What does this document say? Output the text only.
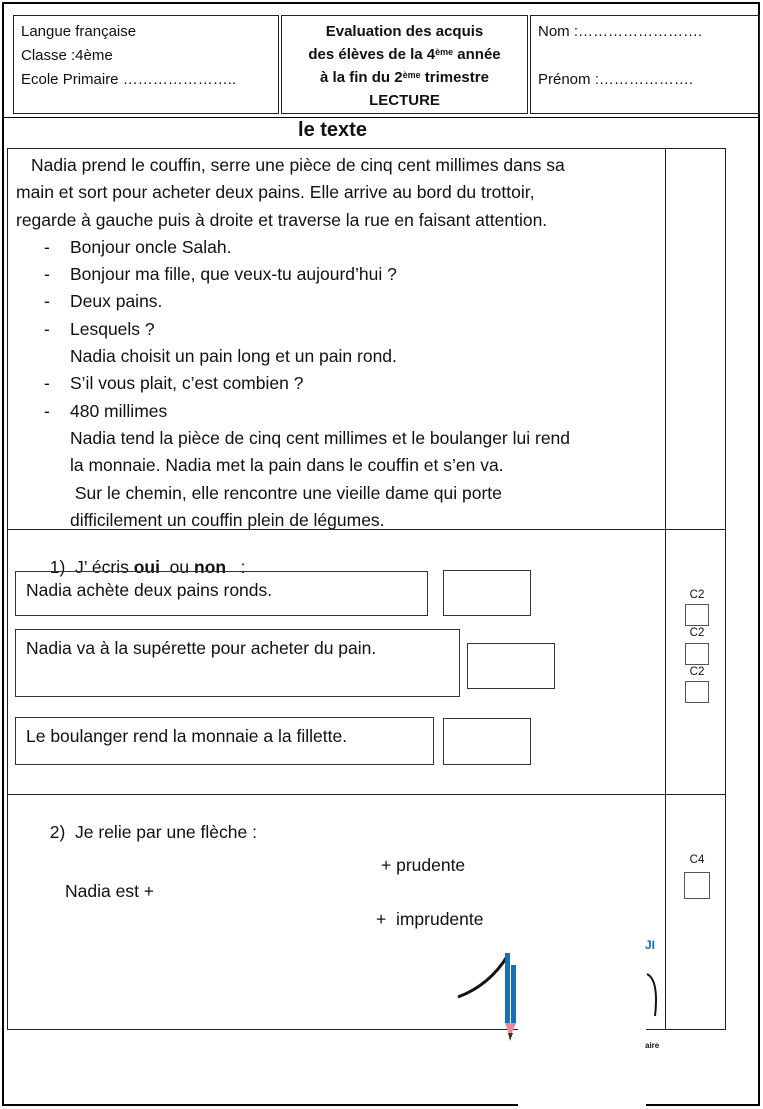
Langue française
Classe :4ème
Ecole Primaire …………………..
Evaluation des acquis
des élèves de la 4ème année
à la fin du 2ème trimestre
LECTURE
Nom :…………………….
Prénom :……………….
le texte
Nadia prend le couffin, serre une pièce de cinq cent millimes dans sa
main et sort pour acheter deux pains. Elle arrive au bord du trottoir,
regarde à gauche puis à droite et traverse la rue en faisant attention.
- Bonjour oncle Salah.
- Bonjour ma fille, que veux-tu aujourd’hui ?
- Deux pains.
- Lesquels ?
Nadia choisit un pain long et un pain rond.
- S’il vous plait, c’est combien ?
- 480 millimes
Nadia tend la pièce de cinq cent millimes et le boulanger lui rend
la monnaie. Nadia met la pain dans le couffin et s’en va.
Sur le chemin, elle rencontre une vieille dame qui porte
difficilement un couffin plein de légumes.

1) J’ écris oui  ou non   :

Nadia achète deux pains ronds.
Nadia va à la supérette pour acheter du pain.
Le boulanger rend la monnaie a la fillette.
C2
C2
C2

2) Je relie par une flèche :

Nadia est +
+ prudente
+  imprudente
C4
JI
aire
